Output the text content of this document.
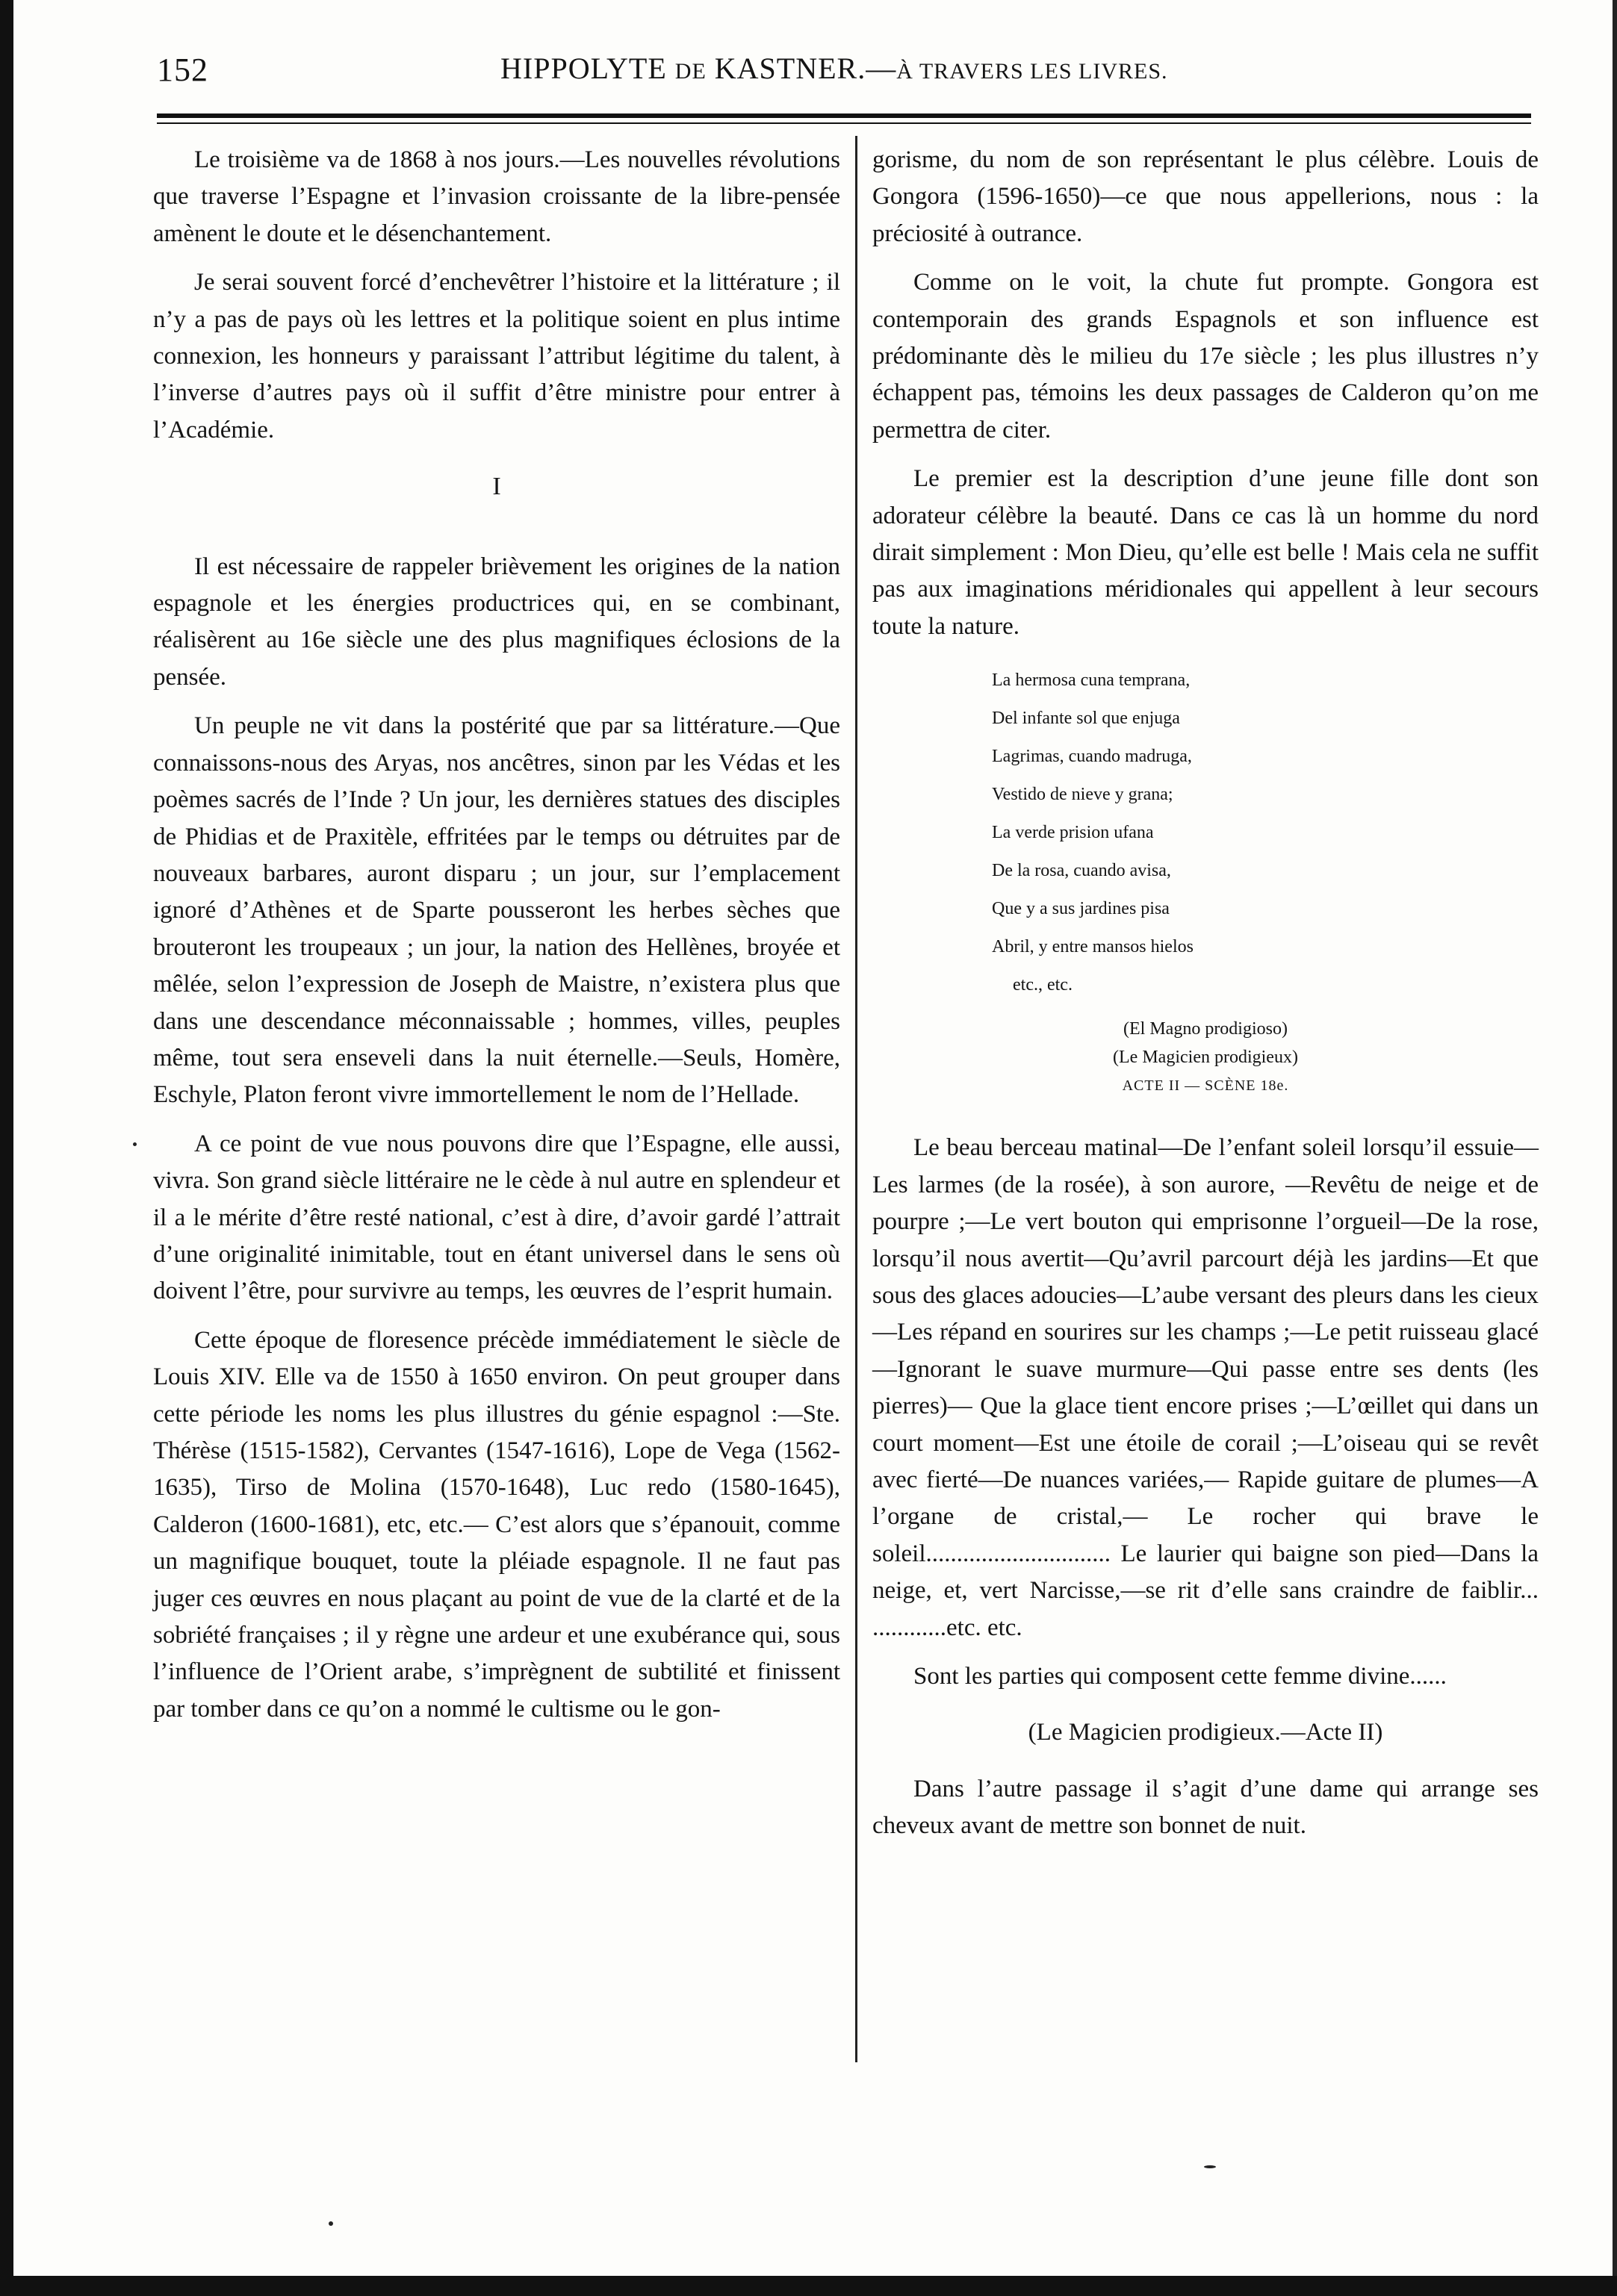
152	HIPPOLYTE DE KASTNER.—À TRAVERS LES LIVRES.

Le troisième va de 1868 à nos jours.—Les nouvelles révolutions que traverse l’Espagne et l’invasion croissante de la libre-pensée amènent le doute et le désenchantement.

Je serai souvent forcé d’enchevêtrer l’histoire et la littérature ; il n’y a pas de pays où les lettres et la politique soient en plus intime connexion, les honneurs y paraissant l’attribut légitime du talent, à l’inverse d’autres pays où il suffit d’être ministre pour entrer à l’Académie.

I

Il est nécessaire de rappeler brièvement les origines de la nation espagnole et les énergies productrices qui, en se combinant, réalisèrent au 16e siècle une des plus magnifiques éclosions de la pensée.

Un peuple ne vit dans la postérité que par sa littérature.—Que connaissons-nous des Aryas, nos ancêtres, sinon par les Védas et les poèmes sacrés de l’Inde ? Un jour, les dernières statues des disciples de Phidias et de Praxitèle, effritées par le temps ou détruites par de nouveaux barbares, auront disparu ; un jour, sur l’emplacement ignoré d’Athènes et de Sparte pousseront les herbes sèches que brouteront les troupeaux ; un jour, la nation des Hellènes, broyée et mêlée, selon l’expression de Joseph de Maistre, n’existera plus que dans une descendance méconnaissable ; hommes, villes, peuples même, tout sera enseveli dans la nuit éternelle.—Seuls, Homère, Eschyle, Platon feront vivre immortellement le nom de l’Hellade.

A ce point de vue nous pouvons dire que l’Espagne, elle aussi, vivra. Son grand siècle littéraire ne le cède à nul autre en splendeur et il a le mérite d’être resté national, c’est à dire, d’avoir gardé l’attrait d’une originalité inimitable, tout en étant universel dans le sens où doivent l’être, pour survivre au temps, les œuvres de l’esprit humain.

Cette époque de floresence précède immédiatement le siècle de Louis XIV. Elle va de 1550 à 1650 environ. On peut grouper dans cette période les noms les plus illustres du génie espagnol :—Ste. Thérèse (1515-1582), Cervantes (1547-1616), Lope de Vega (1562-1635), Tirso de Molina (1570-1648), Luc redo (1580-1645), Calderon (1600-1681), etc, etc.— C’est alors que s’épanouit, comme un magnifique bouquet, toute la pléiade espagnole. Il ne faut pas juger ces œuvres en nous plaçant au point de vue de la clarté et de la sobriété françaises ; il y règne une ardeur et une exubérance qui, sous l’influence de l’Orient arabe, s’imprègnent de subtilité et finissent par tomber dans ce qu’on a nommé le cultisme ou le gon-

gorisme, du nom de son représentant le plus célèbre. Louis de Gongora (1596-1650)—ce que nous appellerions, nous : la préciosité à outrance.

Comme on le voit, la chute fut prompte. Gongora est contemporain des grands Espagnols et son influence est prédominante dès le milieu du 17e siècle ; les plus illustres n’y échappent pas, témoins les deux passages de Calderon qu’on me permettra de citer.

Le premier est la description d’une jeune fille dont son adorateur célèbre la beauté. Dans ce cas là un homme du nord dirait simplement : Mon Dieu, qu’elle est belle ! Mais cela ne suffit pas aux imaginations méridionales qui appellent à leur secours toute la nature.

La hermosa cuna temprana,
Del infante sol que enjuga
Lagrimas, cuando madruga,
Vestido de nieve y grana;
La verde prision ufana
De la rosa, cuando avisa,
Que y a sus jardines pisa
Abril, y entre mansos hielos
etc., etc.
(El Magno prodigioso)
(Le Magicien prodigieux)
ACTE II — SCÈNE 18e.

Le beau berceau matinal—De l’enfant soleil lorsqu’il essuie—Les larmes (de la rosée), à son aurore, —Revêtu de neige et de pourpre ;—Le vert bouton qui emprisonne l’orgueil—De la rose, lorsqu’il nous avertit—Qu’avril parcourt déjà les jardins—Et que sous des glaces adoucies—L’aube versant des pleurs dans les cieux—Les répand en sourires sur les champs ;—Le petit ruisseau glacé—Ignorant le suave murmure—Qui passe entre ses dents (les pierres)— Que la glace tient encore prises ;—L’œillet qui dans un court moment—Est une étoile de corail ;—L’oiseau qui se revêt avec fierté—De nuances variées,— Rapide guitare de plumes—A l’organe de cristal,— Le rocher qui brave le soleil.............................. Le laurier qui baigne son pied—Dans la neige, et, vert Narcisse,—se rit d’elle sans craindre de faiblir... ............etc. etc.

Sont les parties qui composent cette femme divine......

(Le Magicien prodigieux.—Acte II)

Dans l’autre passage il s’agit d’une dame qui arrange ses cheveux avant de mettre son bonnet de nuit.
